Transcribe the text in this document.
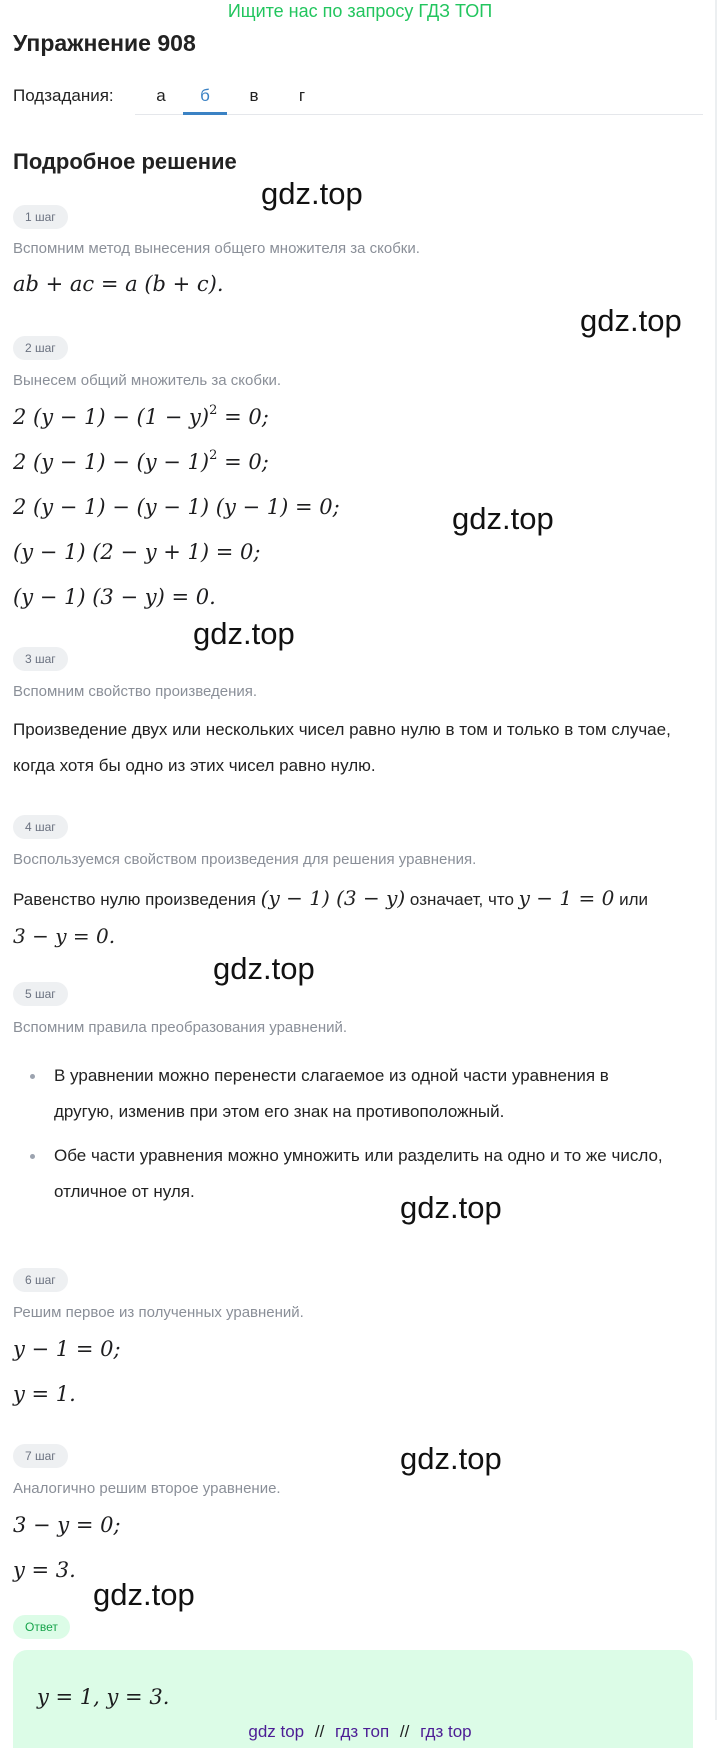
Ищите нас по запросу ГДЗ ТОП
Упражнение 908
Подзадания:	а	б	в	г
Подробное решение
1 шаг
Вспомним метод вынесения общего множителя за скобки.
ab + ac = a (b + c).
2 шаг
Вынесем общий множитель за скобки.
2 $(y - 1) - (1 - y)^2 = 0$;
2 $(y - 1) - (y - 1)^2 = 0$;
2 (y − 1) − (y − 1) (y − 1) = 0;
(y − 1) (2 − y + 1) = 0;
(y − 1) (3 − y) = 0.
3 шаг
Вспомним свойство произведения.
Произведение двух или нескольких чисел равно нулю в том и только в том случае, когда хотя бы одно из этих чисел равно нулю.
4 шаг
Воспользуемся свойством произведения для решения уравнения.
Равенство нулю произведения (y − 1) (3 − y) означает, что y − 1 = 0 или
3 − y = 0.
5 шаг
Вспомним правила преобразования уравнений.
В уравнении можно перенести слагаемое из одной части уравнения в другую, изменив при этом его знак на противоположный.
Обе части уравнения можно умножить или разделить на одно и то же число, отличное от нуля.
6 шаг
Решим первое из полученных уравнений.
y − 1 = 0;
y = 1.
7 шаг
Аналогично решим второе уравнение.
3 − y = 0;
y = 3.
Ответ
y = 1, y = 3.
gdz.top
gdz.top
gdz.top
gdz.top
gdz.top
gdz.top
gdz.top
gdz.top
gdz top // гдз топ // гдз top
